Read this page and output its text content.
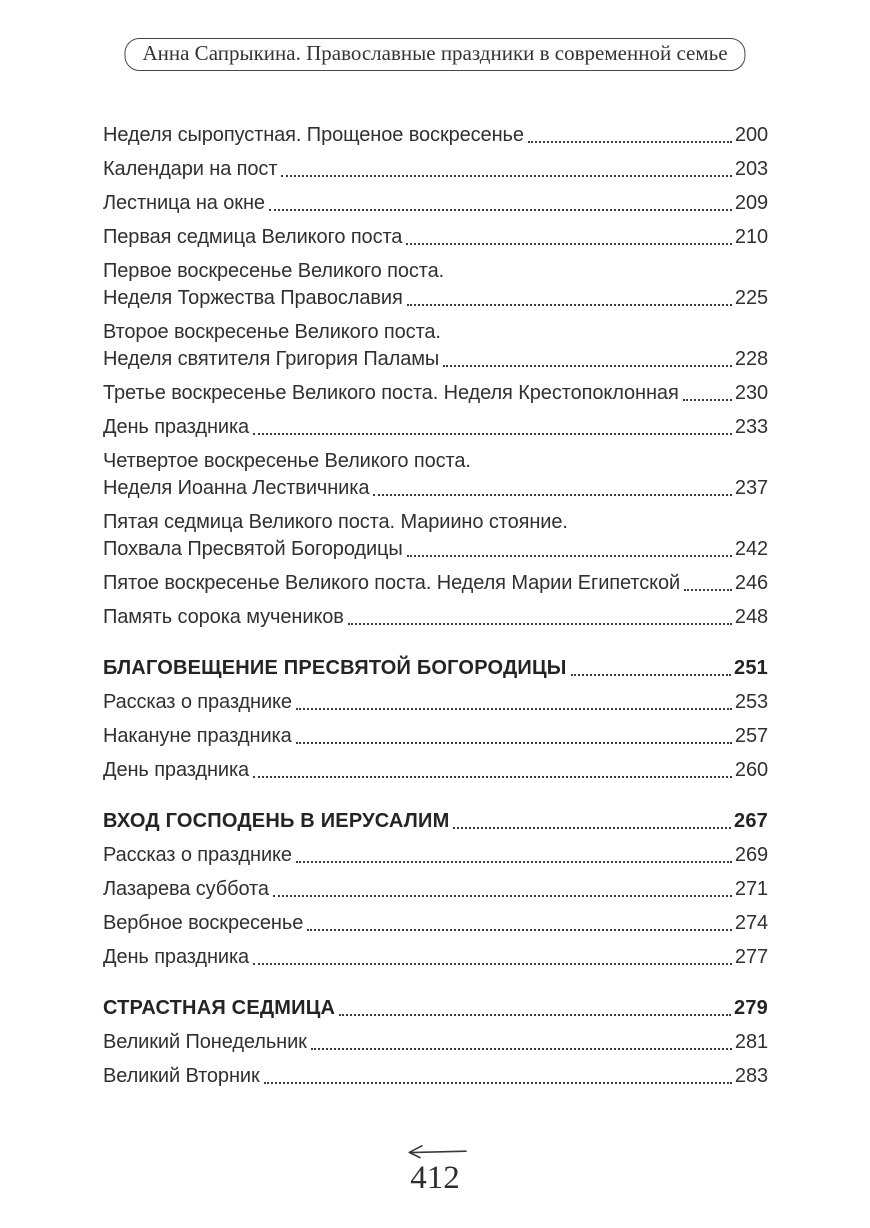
Анна Сапрыкина. Православные праздники в современной семье
Неделя сыропустная. Прощеное воскресенье	200
Календари на пост	203
Лестница на окне	209
Первая седмица Великого поста	210
Первое воскресенье Великого поста.
Неделя Торжества Православия	225
Второе воскресенье Великого поста.
Неделя святителя Григория Паламы	228
Третье воскресенье Великого поста. Неделя Крестопоклонная	230
День праздника	233
Четвертое воскресенье Великого поста.
Неделя Иоанна Лествичника	237
Пятая седмица Великого поста. Мариино стояние.
Похвала Пресвятой Богородицы	242
Пятое воскресенье Великого поста. Неделя Марии Египетской	246
Память сорока мучеников	248
БЛАГОВЕЩЕНИЕ ПРЕСВЯТОЙ БОГОРОДИЦЫ	251
Рассказ о празднике	253
Накануне праздника	257
День праздника	260
ВХОД ГОСПОДЕНЬ В ИЕРУСАЛИМ	267
Рассказ о празднике	269
Лазарева суббота	271
Вербное воскресенье	274
День праздника	277
СТРАСТНАЯ СЕДМИЦА	279
Великий Понедельник	281
Великий Вторник	283
412
